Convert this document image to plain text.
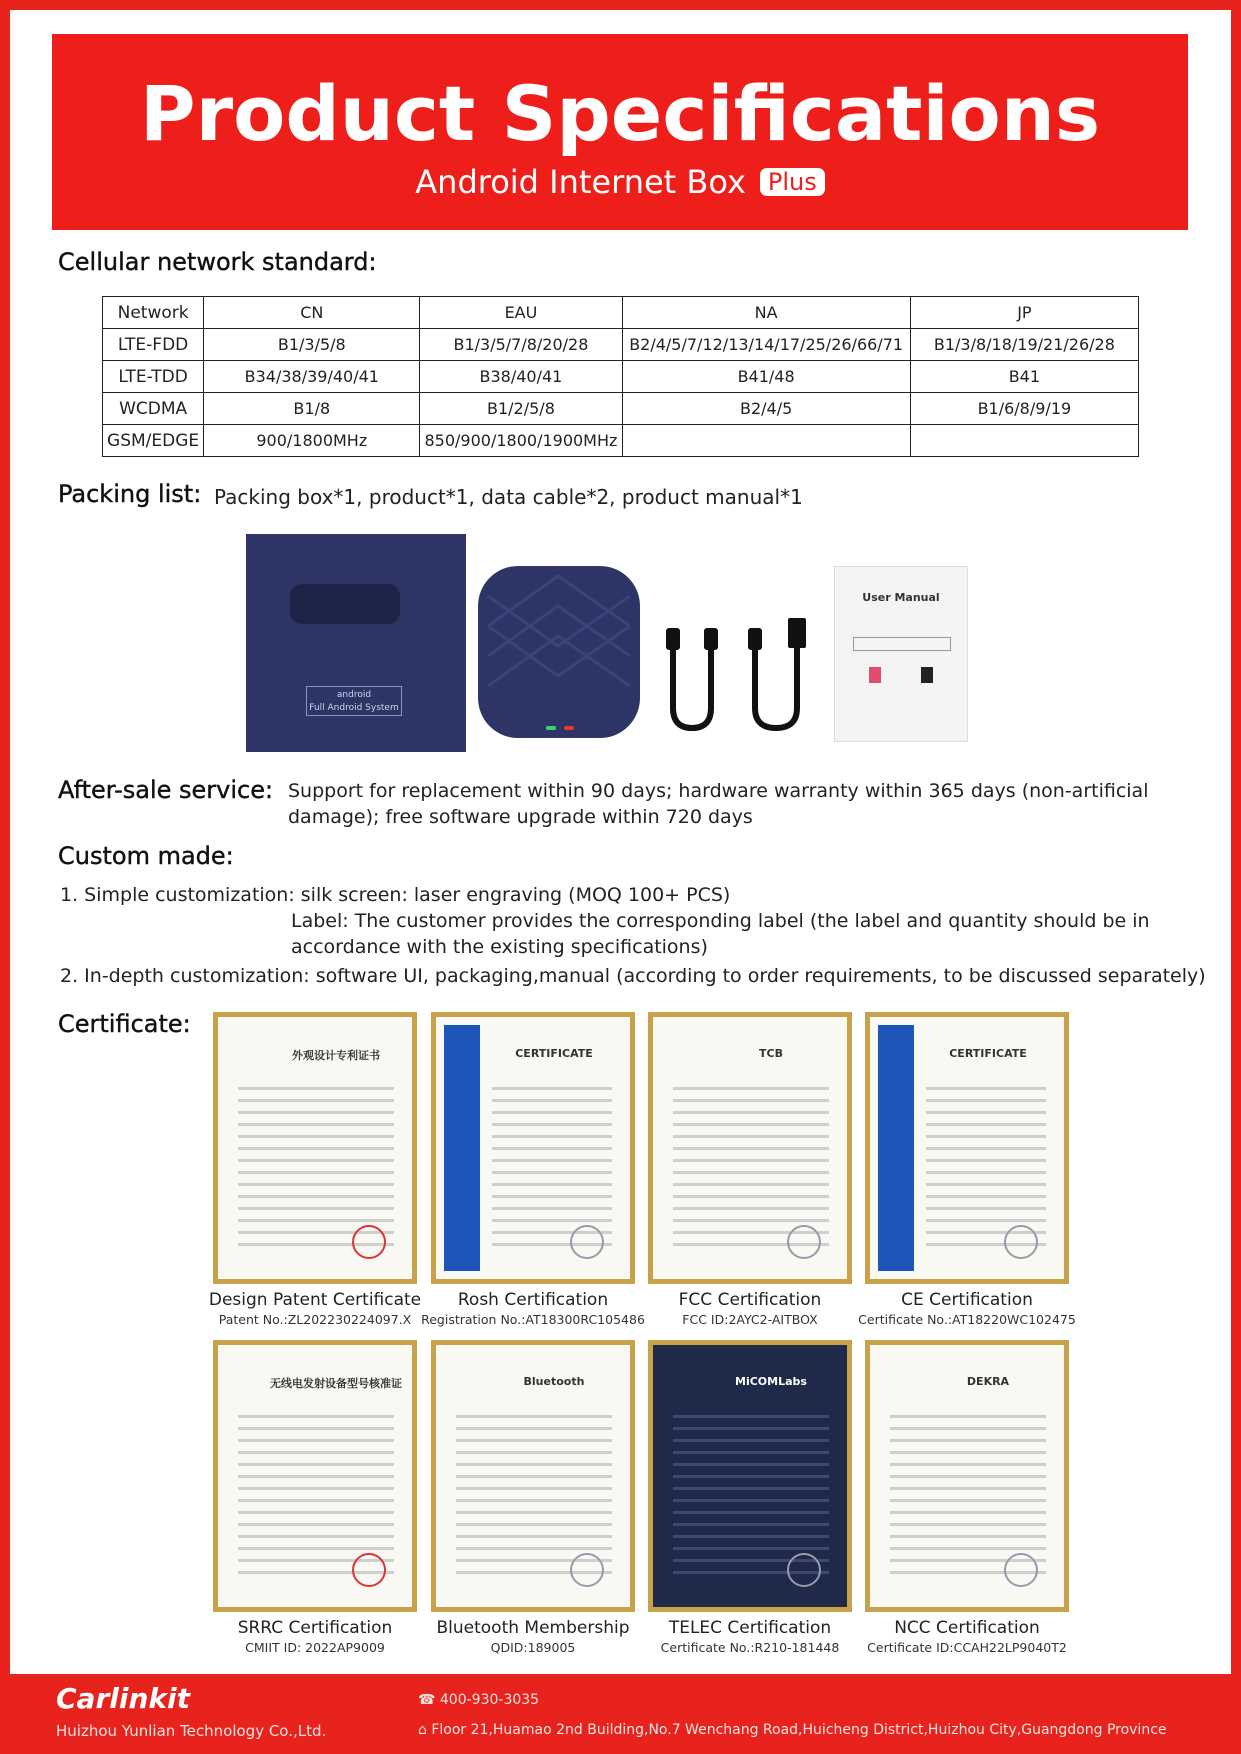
Product Specifications
Android Internet Box Plus
Cellular network standard:
Network	CN	EAU	NA	JP
LTE-FDD	B1/3/5/8	B1/3/5/7/8/20/28	B2/4/5/7/12/13/14/17/25/26/66/71	B1/3/8/18/19/21/26/28
LTE-TDD	B34/38/39/40/41	B38/40/41	B41/48	B41
WCDMA	B1/8	B1/2/5/8	B2/4/5	B1/6/8/9/19
GSM/EDGE	900/1800MHz	850/900/1800/1900MHz		
Packing list: Packing box*1, product*1, data cable*2, product manual*1
android
Full Android System
User Manual
After-sale service: Support for replacement within 90 days; hardware warranty within 365 days (non-artificial
damage); free software upgrade within 720 days
Custom made:
1. Simple customization: silk screen: laser engraving (MOQ 100+ PCS)
Label: The customer provides the corresponding label (the label and quantity should be in
accordance with the existing specifications)
2. In-depth customization: software UI, packaging,manual (according to order requirements, to be discussed separately)
Certificate:
外观设计专利证书
Design Patent Certificate
Patent No.:ZL202230224097.X
CERTIFICATE
Rosh Certification
Registration No.:AT18300RC105486
TCB
FCC Certification
FCC ID:2AYC2-AITBOX
CERTIFICATE
CE Certification
Certificate No.:AT18220WC102475
无线电发射设备型号核准证
SRRC Certification
CMIIT ID: 2022AP9009
Bluetooth
Bluetooth Membership
QDID:189005
MiCOMLabs
TELEC Certification
Certificate No.:R210-181448
DEKRA
NCC Certification
Certificate ID:CCAH22LP9040T2
Carlinkit
Huizhou Yunlian Technology Co.,Ltd.
☎ 400-930-3035
⌂ Floor 21,Huamao 2nd Building,No.7 Wenchang Road,Huicheng District,Huizhou City,Guangdong Province
